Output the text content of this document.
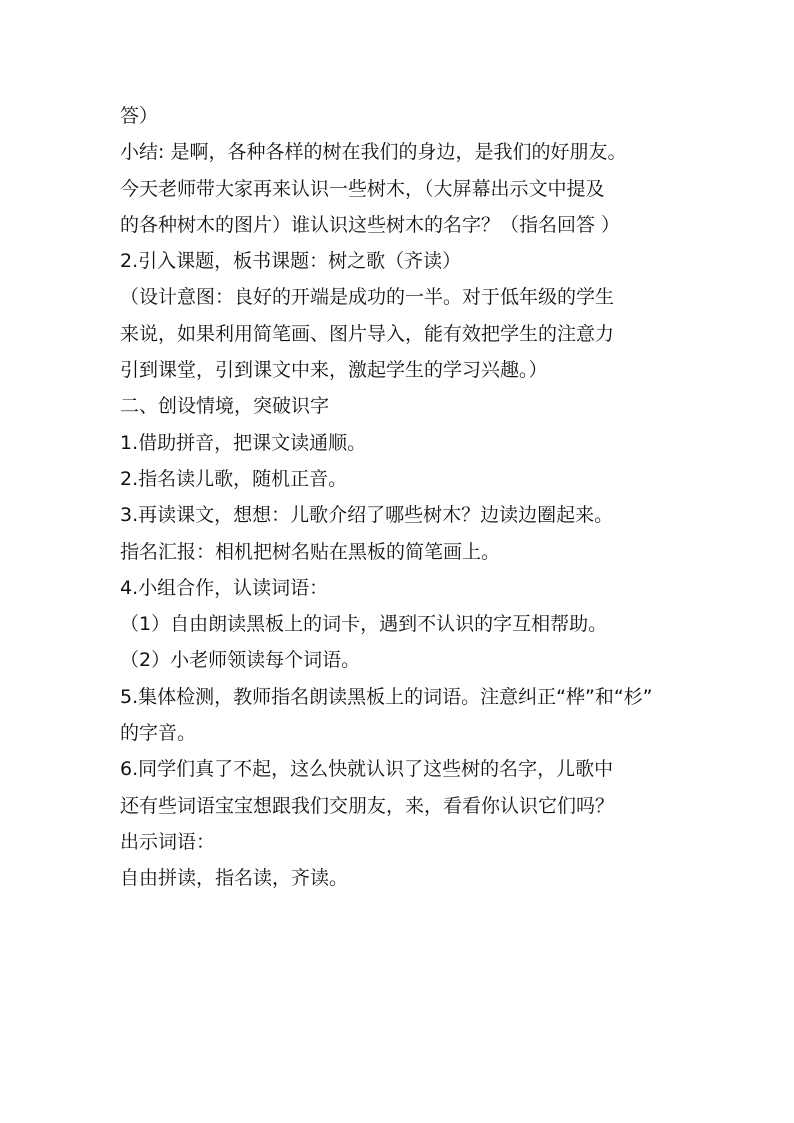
答）
小结: 是啊，各种各样的树在我们的身边，是我们的好朋友。
今天老师带大家再来认识一些树木，（大屏幕出示文中提及
的各种树木的图片）谁认识这些树木的名字？（指名回答 ）
2.引入课题，板书课题：树之歌（齐读）
（设计意图：良好的开端是成功的一半。对于低年级的学生
来说，如果利用简笔画、图片导入，能有效把学生的注意力
引到课堂，引到课文中来，激起学生的学习兴趣。）
二、创设情境，突破识字
1.借助拼音，把课文读通顺。
2.指名读儿歌，随机正音。
3.再读课文，想想：儿歌介绍了哪些树木？边读边圈起来。
指名汇报：相机把树名贴在黑板的简笔画上。
4.小组合作，认读词语：
（1）自由朗读黑板上的词卡，遇到不认识的字互相帮助。
（2）小老师领读每个词语。
5.集体检测，教师指名朗读黑板上的词语。注意纠正“桦”和“杉”
的字音。
6.同学们真了不起，这么快就认识了这些树的名字，儿歌中
还有些词语宝宝想跟我们交朋友，来，看看你认识它们吗？
出示词语：
自由拼读，指名读，齐读。
